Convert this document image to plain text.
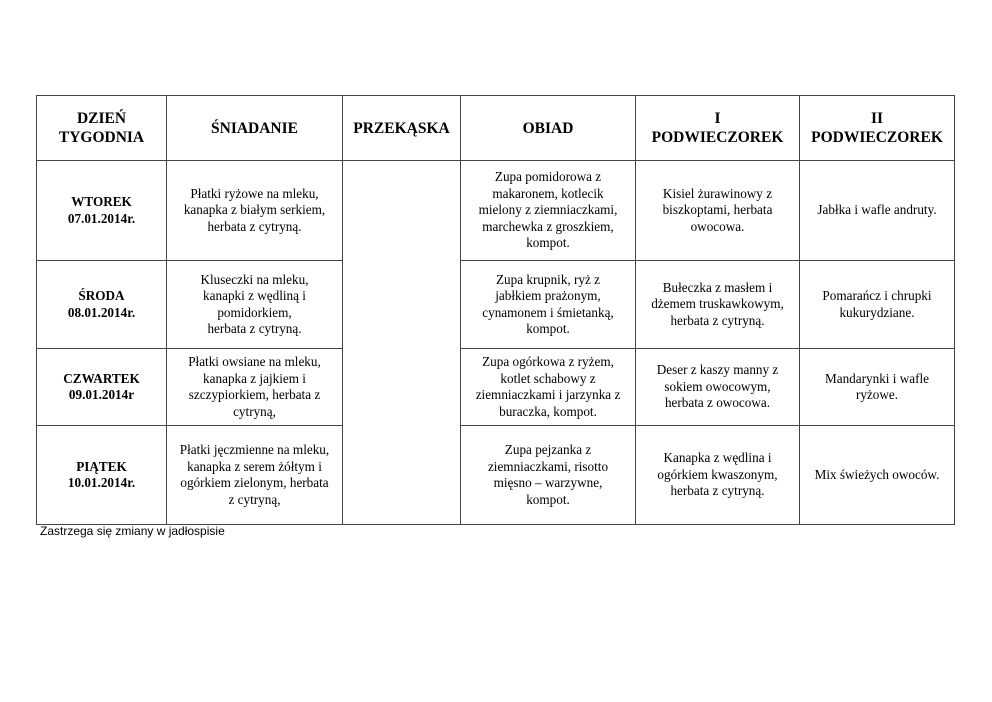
DZIEŃ
TYGODNIA	ŚNIADANIE	PRZEKĄSKA	OBIAD	I
PODWIECZOREK	II
PODWIECZOREK

WTOREK
07.01.2014r.	Płatki ryżowe na mleku,
kanapka z białym serkiem,
herbata z cytryną.		Zupa pomidorowa z
makaronem, kotlecik
mielony z ziemniaczkami,
marchewka z groszkiem,
kompot.	Kisiel żurawinowy z
biszkoptami, herbata
owocowa.	Jabłka i wafle andruty.

ŚRODA
08.01.2014r.	Kluseczki na mleku,
kanapki z wędliną i
pomidorkiem,
herbata z cytryną.		Zupa krupnik, ryż z
jabłkiem prażonym,
cynamonem i śmietanką,
kompot.	Bułeczka z masłem i
dżemem truskawkowym,
herbata z cytryną.	Pomarańcz i chrupki
kukurydziane.

CZWARTEK
09.01.2014r	Płatki owsiane na mleku,
kanapka z jajkiem i
szczypiorkiem, herbata z
cytryną,		Zupa ogórkowa z ryżem,
kotlet schabowy z
ziemniaczkami i jarzynka z
buraczka, kompot.	Deser z kaszy manny z
sokiem owocowym,
herbata z owocowa.	Mandarynki i wafle
ryżowe.

PIĄTEK
10.01.2014r.	Płatki jęczmienne na mleku,
kanapka z serem żółtym i
ogórkiem zielonym, herbata
z cytryną,		Zupa pejzanka z
ziemniaczkami, risotto
mięsno – warzywne,
kompot.	Kanapka z wędlina i
ogórkiem kwaszonym,
herbata z cytryną.	Mix świeżych owoców.
Zastrzega się zmiany w jadłospisie
